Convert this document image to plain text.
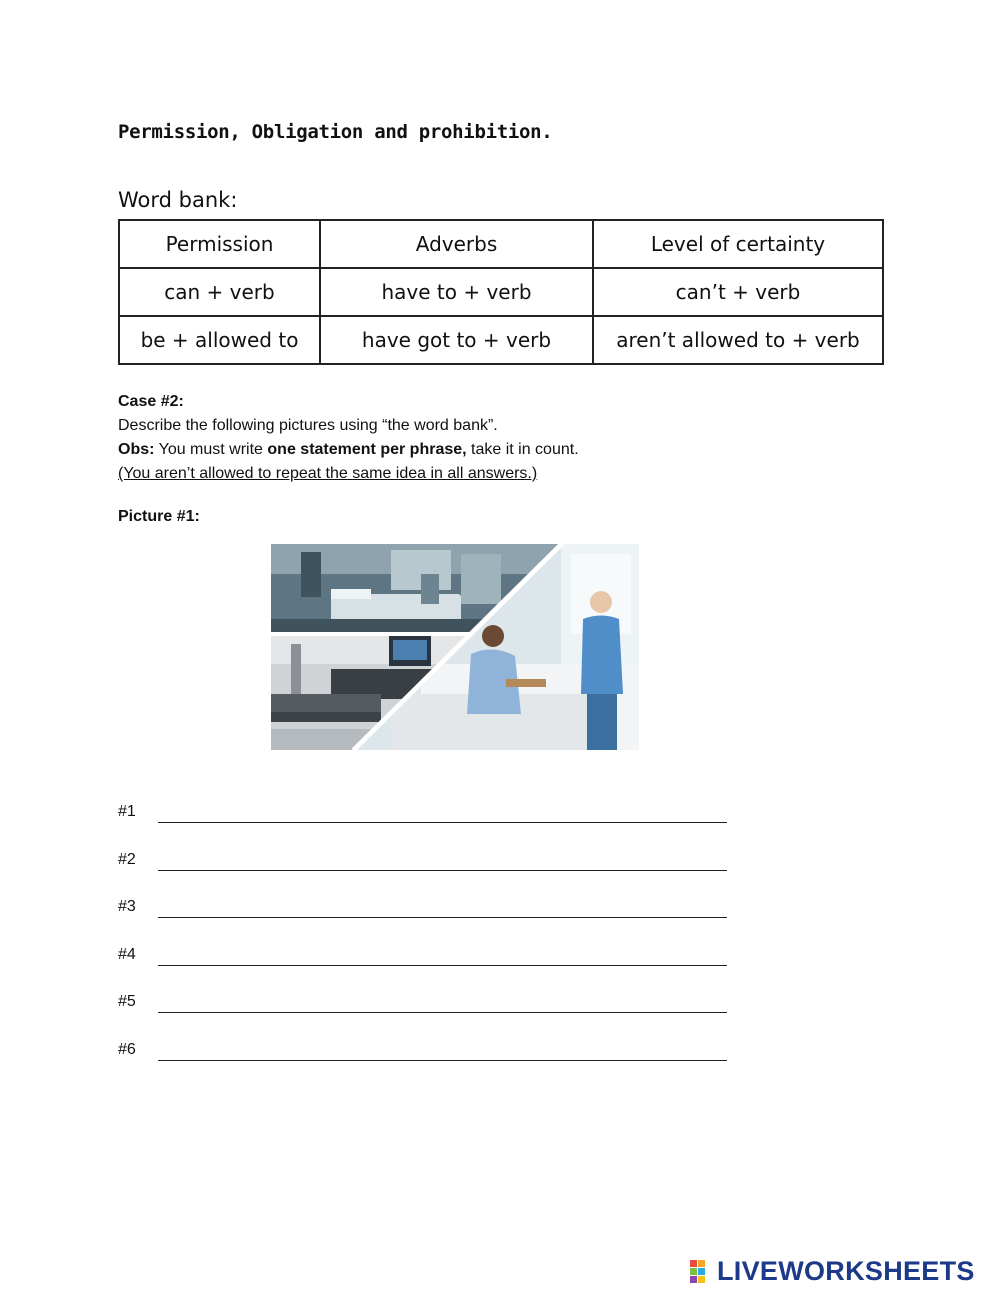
Permission, Obligation and prohibition.
Word bank:
Permission	Adverbs	Level of certainty
can + verb	have to + verb	can’t + verb
be + allowed to	have got to + verb	aren’t allowed to + verb
Case #2:
Describe the following pictures using “the word bank”.
Obs: You must write one statement per phrase, take it in count.
(You aren’t allowed to repeat the same idea in all answers.)
Picture #1:
#1
#2
#3
#4
#5
#6
LIVEWORKSHEETS
